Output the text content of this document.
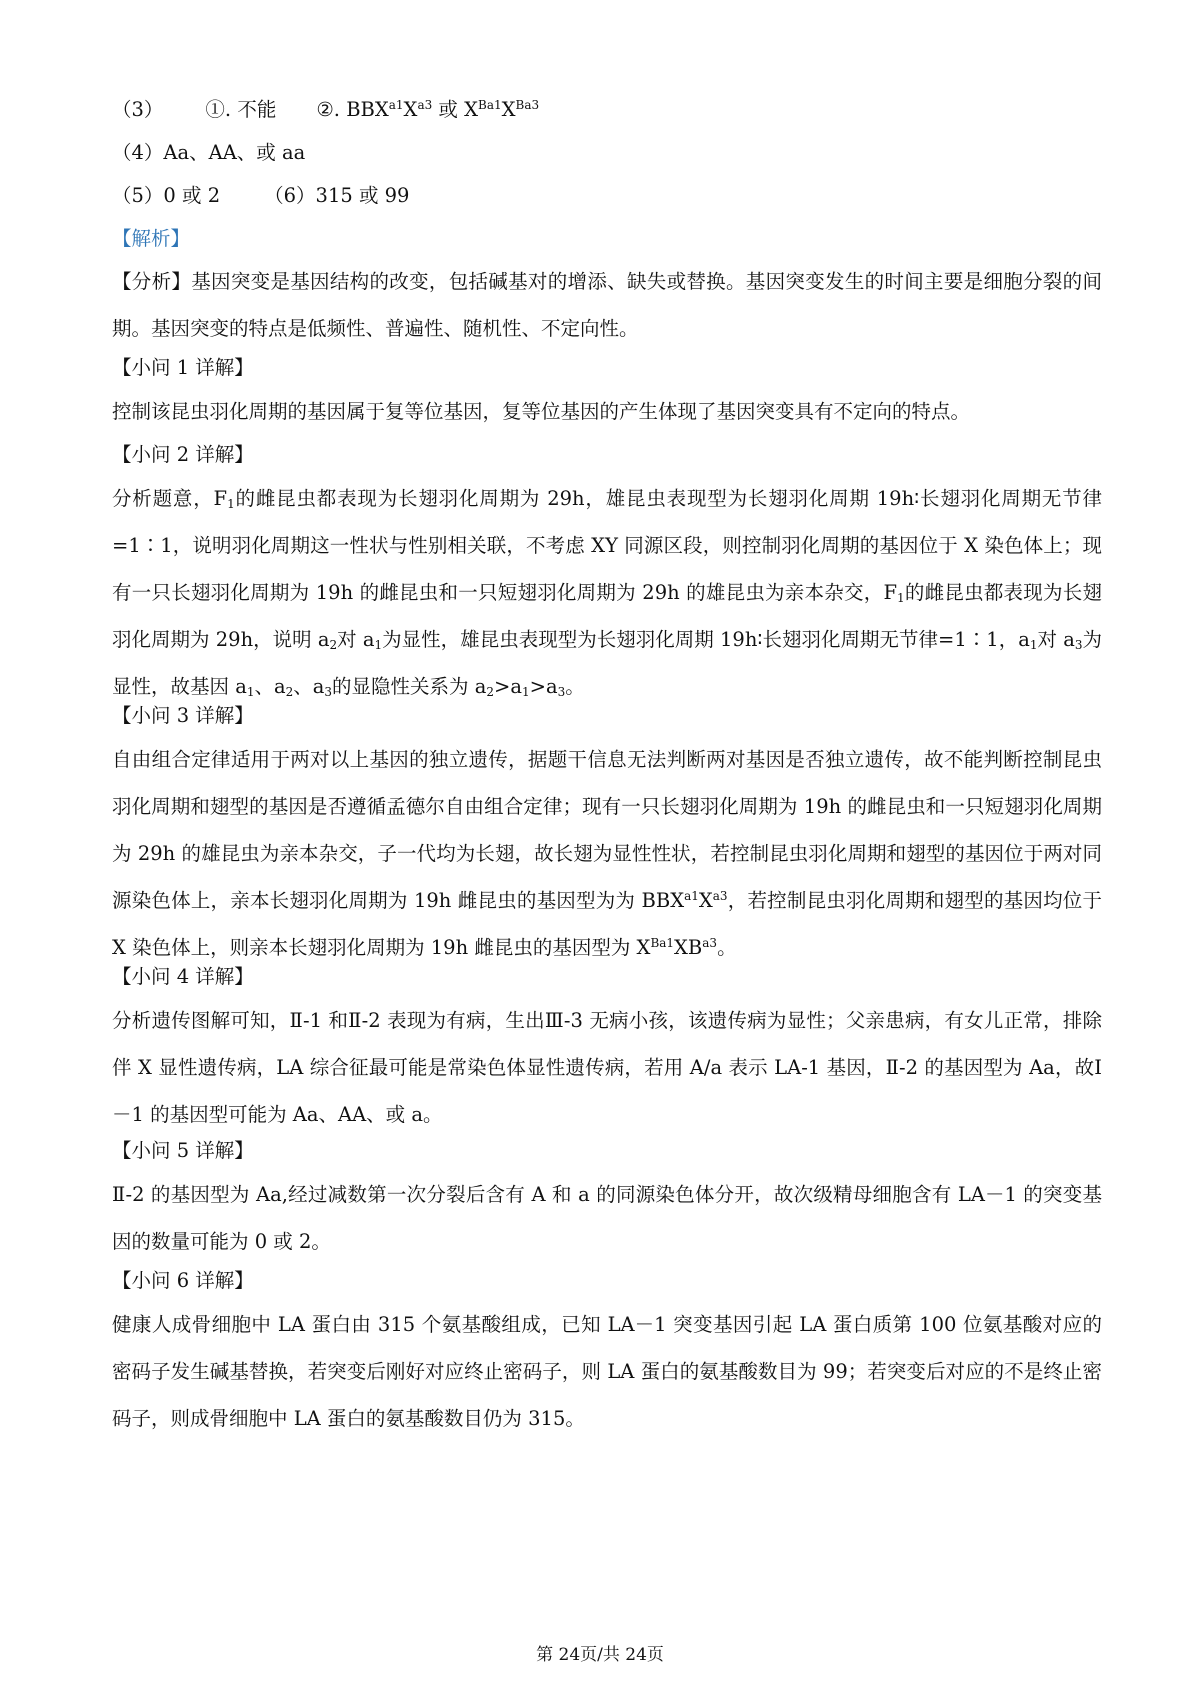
（3） ①. 不能 ②. $BBX^{a1}X^{a3}$ 或 $X^{Ba1}X^{Ba3}$
（4）Aa、AA、或 aa
（5）0 或 2 （6）315 或 99
【解析】
【分析】基因突变是基因结构的改变，包括碱基对的增添、缺失或替换。基因突变发生的时间主要是细胞分裂的间期。基因突变的特点是低频性、普遍性、随机性、不定向性。
【小问 1 详解】
控制该昆虫羽化周期的基因属于复等位基因，复等位基因的产生体现了基因突变具有不定向的特点。
【小问 2 详解】
分析题意，$F_1$的雌昆虫都表现为长翅羽化周期为 29h，雄昆虫表现型为长翅羽化周期 19h∶长翅羽化周期无节律=1∶1，说明羽化周期这一性状与性别相关联，不考虑 XY 同源区段，则控制羽化周期的基因位于 X 染色体上；现有一只长翅羽化周期为 19h 的雌昆虫和一只短翅羽化周期为 29h 的雄昆虫为亲本杂交，$F_1$的雌昆虫都表现为长翅羽化周期为 29h，说明 $a_2$对 $a_1$为显性，雄昆虫表现型为长翅羽化周期 19h∶长翅羽化周期无节律=1∶1，$a_1$对 $a_3$为显性，故基因 $a_1$、$a_2$、$a_3$的显隐性关系为 $a_2>a_1>a_3$。
【小问 3 详解】
自由组合定律适用于两对以上基因的独立遗传，据题干信息无法判断两对基因是否独立遗传，故不能判断控制昆虫羽化周期和翅型的基因是否遵循孟德尔自由组合定律；现有一只长翅羽化周期为 19h 的雌昆虫和一只短翅羽化周期为 29h 的雄昆虫为亲本杂交，子一代均为长翅，故长翅为显性性状，若控制昆虫羽化周期和翅型的基因位于两对同源染色体上，亲本长翅羽化周期为 19h 雌昆虫的基因型为为 $BBX^{a1}X^{a3}$，若控制昆虫羽化周期和翅型的基因均位于 X 染色体上，则亲本长翅羽化周期为 19h 雌昆虫的基因型为 $X^{Ba1}XB^{a3}$。
【小问 4 详解】
分析遗传图解可知，Ⅱ-1 和Ⅱ-2 表现为有病，生出Ⅲ-3 无病小孩，该遗传病为显性；父亲患病，有女儿正常，排除伴 X 显性遗传病，LA 综合征最可能是常染色体显性遗传病，若用 A/a 表示 LA-1 基因，Ⅱ-2 的基因型为 Aa，故Ⅰ－1 的基因型可能为 Aa、AA、或 a。
【小问 5 详解】
Ⅱ-2 的基因型为 Aa,经过减数第一次分裂后含有 A 和 a 的同源染色体分开，故次级精母细胞含有 LA－1 的突变基因的数量可能为 0 或 2。
【小问 6 详解】
健康人成骨细胞中 LA 蛋白由 315 个氨基酸组成，已知 LA－1 突变基因引起 LA 蛋白质第 100 位氨基酸对应的密码子发生碱基替换，若突变后刚好对应终止密码子，则 LA 蛋白的氨基酸数目为 99；若突变后对应的不是终止密码子，则成骨细胞中 LA 蛋白的氨基酸数目仍为 315。
第 24页/共 24页
